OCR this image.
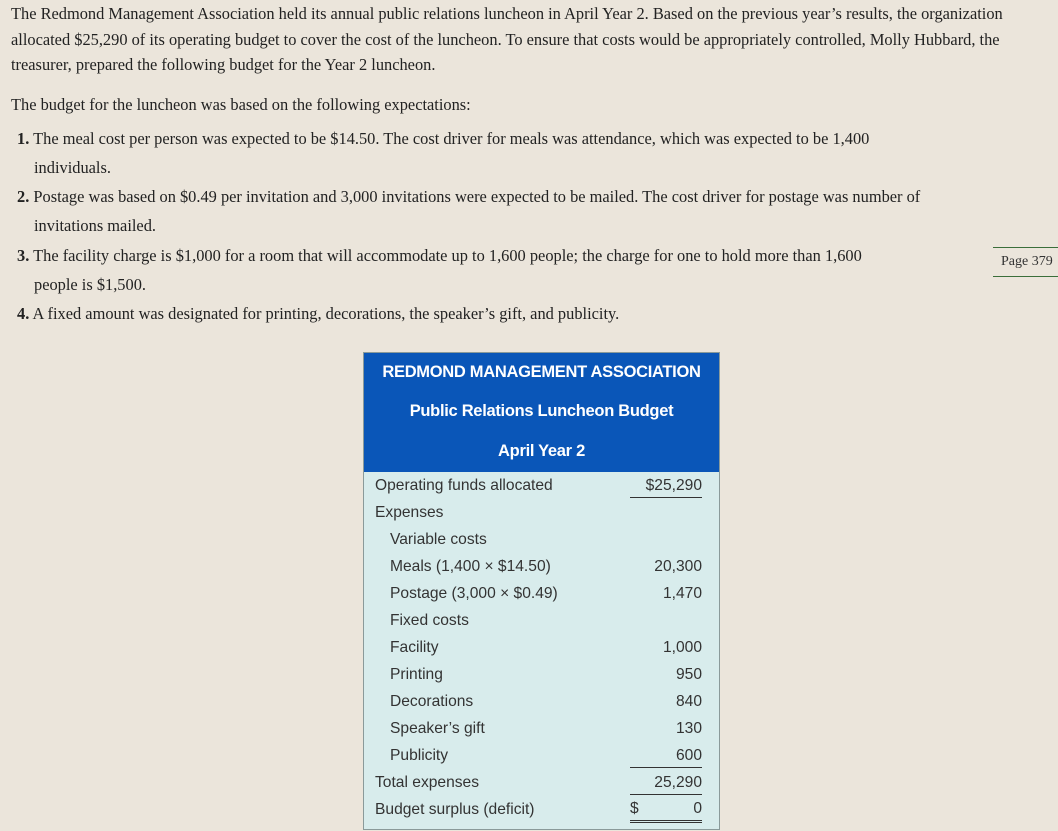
The Redmond Management Association held its annual public relations luncheon in April Year 2. Based on the previous year’s results, the organization allocated $25,290 of its operating budget to cover the cost of the luncheon. To ensure that costs would be appropriately controlled, Molly Hubbard, the treasurer, prepared the following budget for the Year 2 luncheon.

The budget for the luncheon was based on the following expectations:

1. The meal cost per person was expected to be $14.50. The cost driver for meals was attendance, which was expected to be 1,400
individuals.
2. Postage was based on $0.49 per invitation and 3,000 invitations were expected to be mailed. The cost driver for postage was number of
invitations mailed.
3. The facility charge is $1,000 for a room that will accommodate up to 1,600 people; the charge for one to hold more than 1,600
people is $1,500.
4. A fixed amount was designated for printing, decorations, the speaker’s gift, and publicity.
Page 379
REDMOND MANAGEMENT ASSOCIATION
Public Relations Luncheon Budget
April Year 2
Operating funds allocated	$25,290
Expenses
Variable costs
Meals (1,400 × $14.50)	20,300
Postage (3,000 × $0.49)	1,470
Fixed costs
Facility	1,000
Printing	950
Decorations	840
Speaker’s gift	130
Publicity	600
Total expenses	25,290
Budget surplus (deficit)	$	0
